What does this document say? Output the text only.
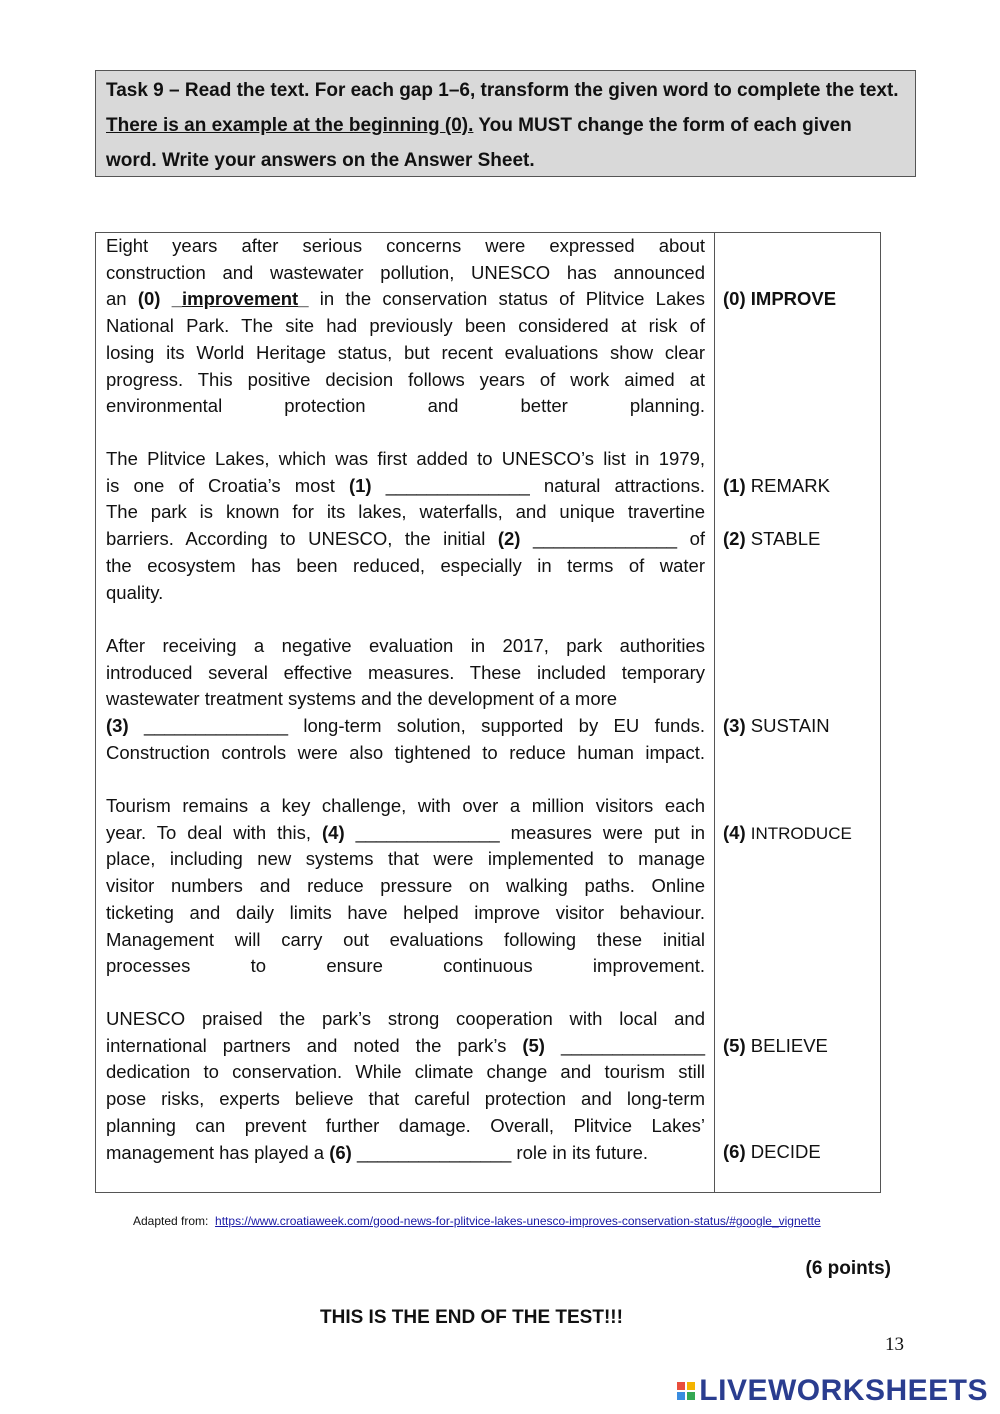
Task 9 – Read the text. For each gap 1–6, transform the given word to complete the text. There is an example at the beginning (0). You MUST change the form of each given word. Write your answers on the Answer Sheet.
Eight years after serious concerns were expressed about
construction and wastewater pollution, UNESCO has announced
an (0) _improvement_ in the conservation status of Plitvice Lakes
National Park. The site had previously been considered at risk of
losing its World Heritage status, but recent evaluations show clear
progress. This positive decision follows years of work aimed at
environmental protection and better planning.
The Plitvice Lakes, which was first added to UNESCO’s list in 1979,
is one of Croatia’s most (1) ______________ natural attractions.
The park is known for its lakes, waterfalls, and unique travertine
barriers. According to UNESCO, the initial (2) ______________ of
the ecosystem has been reduced, especially in terms of water
quality.
After receiving a negative evaluation in 2017, park authorities
introduced several effective measures. These included temporary
wastewater treatment systems and the development of a more
(3) ______________ long-term solution, supported by EU funds.
Construction controls were also tightened to reduce human impact.
Tourism remains a key challenge, with over a million visitors each
year. To deal with this, (4) ______________ measures were put in
place, including new systems that were implemented to manage
visitor numbers and reduce pressure on walking paths. Online
ticketing and daily limits have helped improve visitor behaviour.
Management will carry out evaluations following these initial
processes to ensure continuous improvement.
UNESCO praised the park’s strong cooperation with local and
international partners and noted the park’s (5) ______________
dedication to conservation. While climate change and tourism still
pose risks, experts believe that careful protection and long-term
planning can prevent further damage. Overall, Plitvice Lakes’
management has played a (6) _______________ role in its future.
(0) IMPROVE
(1) REMARK
(2) STABLE
(3) SUSTAIN
(4) INTRODUCE
(5) BELIEVE
(6) DECIDE
Adapted from: https://www.croatiaweek.com/good-news-for-plitvice-lakes-unesco-improves-conservation-status/#google_vignette
(6 points)
THIS IS THE END OF THE TEST!!!
13
LIVEWORKSHEETS
